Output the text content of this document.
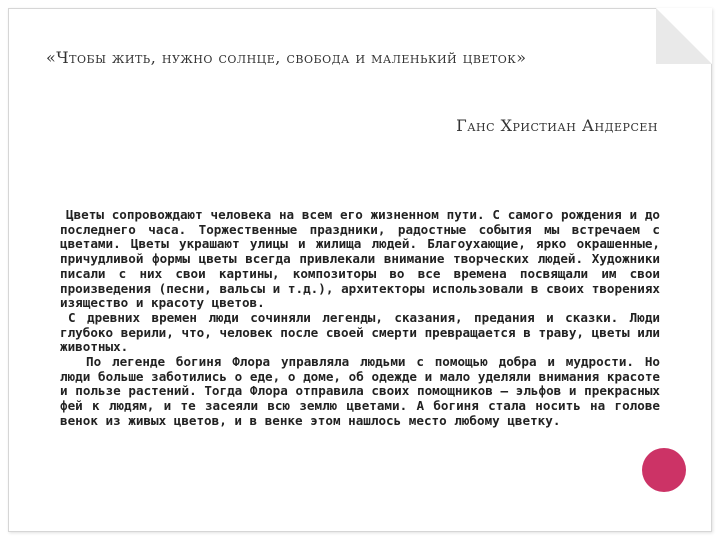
«Чтобы жить, нужно солнце, свобода и маленький цветок»
Ганс Христиан Андерсен

Цветы сопровождают человека на всем его жизненном пути. С самого рождения и до последнего часа. Торжественные праздники, радостные события мы встречаем с цветами. Цветы украшают улицы и жилища людей. Благоухающие, ярко окрашенные, причудливой формы цветы всегда привлекали внимание творческих людей. Художники писали с них свои картины, композиторы во все времена посвящали им свои произведения (песни, вальсы и т.д.), архитекторы использовали в своих творениях изящество и красоту цветов.

С древних времен люди сочиняли легенды, сказания, предания и сказки. Люди глубоко верили, что, человек после своей смерти превращается в траву, цветы или животных.

По легенде богиня Флора управляла людьми с помощью добра и мудрости. Но люди больше заботились о еде, о доме, об одежде и мало уделяли внимания красоте и пользе растений. Тогда Флора отправила своих помощников – эльфов и прекрасных фей к людям, и те засеяли всю землю цветами. А богиня стала носить на голове венок из живых цветов, и в венке этом нашлось место любому цветку.
